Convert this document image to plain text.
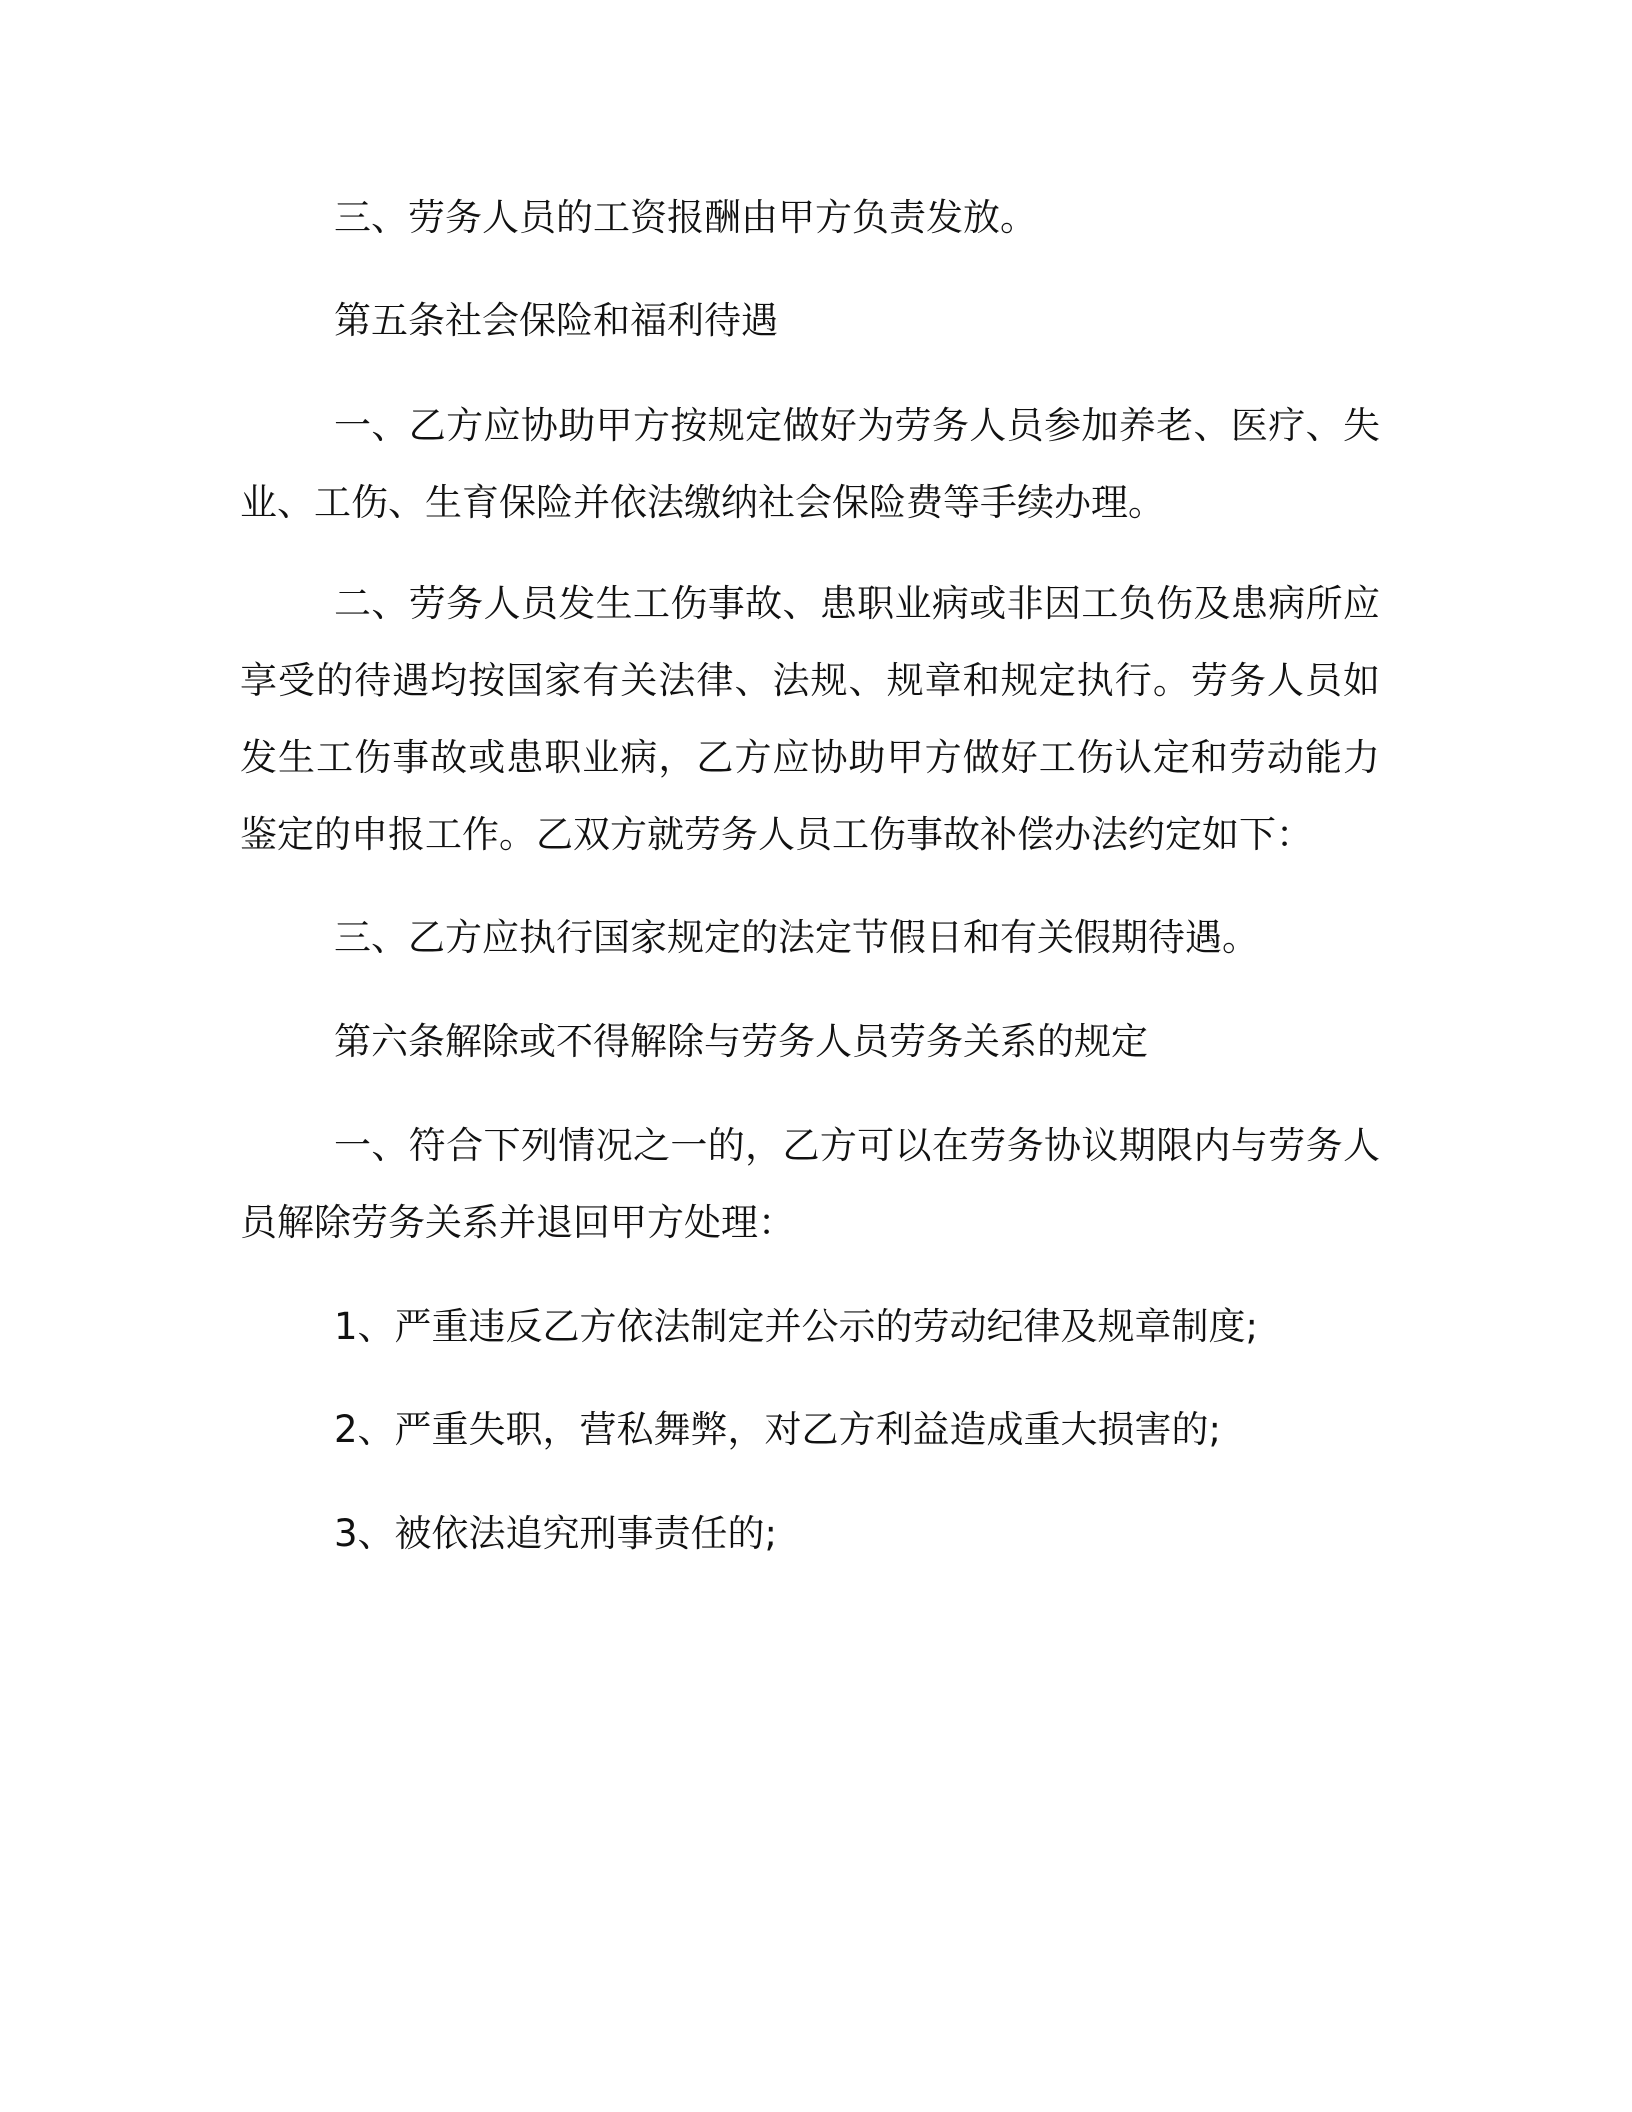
三、劳务人员的工资报酬由甲方负责发放。

第五条社会保险和福利待遇

一、乙方应协助甲方按规定做好为劳务人员参加养老、医疗、失业、工伤、生育保险并依法缴纳社会保险费等手续办理。

二、劳务人员发生工伤事故、患职业病或非因工负伤及患病所应享受的待遇均按国家有关法律、法规、规章和规定执行。劳务人员如发生工伤事故或患职业病，乙方应协助甲方做好工伤认定和劳动能力鉴定的申报工作。乙双方就劳务人员工伤事故补偿办法约定如下：

三、乙方应执行国家规定的法定节假日和有关假期待遇。

第六条解除或不得解除与劳务人员劳务关系的规定

一、符合下列情况之一的，乙方可以在劳务协议期限内与劳务人员解除劳务关系并退回甲方处理：

1、严重违反乙方依法制定并公示的劳动纪律及规章制度;

2、严重失职，营私舞弊，对乙方利益造成重大损害的;

3、被依法追究刑事责任的;
